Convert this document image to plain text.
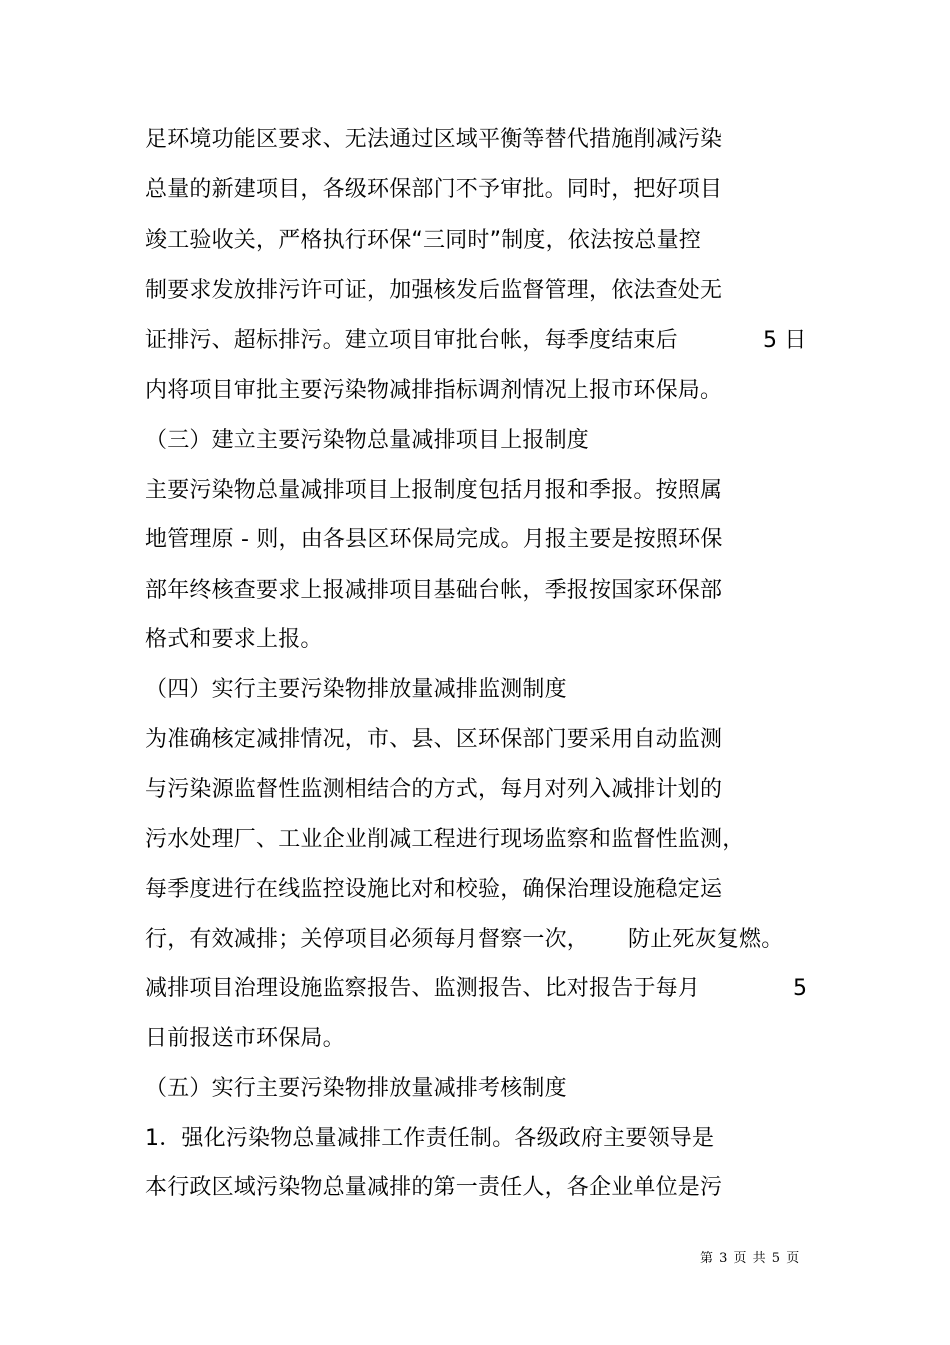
足环境功能区要求、无法通过区域平衡等替代措施削减污染
总量的新建项目，各级环保部门不予审批。同时，把好项目
竣工验收关，严格执行环保“三同时”制度，依法按总量控
制要求发放排污许可证，加强核发后监督管理，依法查处无
证排污、超标排污。建立项目审批台帐，每季度结束后	5 日
内将项目审批主要污染物减排指标调剂情况上报市环保局。
（三）建立主要污染物总量减排项目上报制度
主要污染物总量减排项目上报制度包括月报和季报。按照属
地管理原 - 则，由各县区环保局完成。月报主要是按照环保
部年终核查要求上报减排项目基础台帐，季报按国家环保部
格式和要求上报。
（四）实行主要污染物排放量减排监测制度
为准确核定减排情况，市、县、区环保部门要采用自动监测
与污染源监督性监测相结合的方式，每月对列入减排计划的
污水处理厂、工业企业削减工程进行现场监察和监督性监测，
每季度进行在线监控设施比对和校验，确保治理设施稳定运
行，有效减排；关停项目必须每月督察一次， 防止死灰复燃。
减排项目治理设施监察报告、监测报告、比对报告于每月	5
日前报送市环保局。
（五）实行主要污染物排放量减排考核制度
1．强化污染物总量减排工作责任制。各级政府主要领导是
本行政区域污染物总量减排的第一责任人，各企业单位是污
第 3 页 共 5 页
